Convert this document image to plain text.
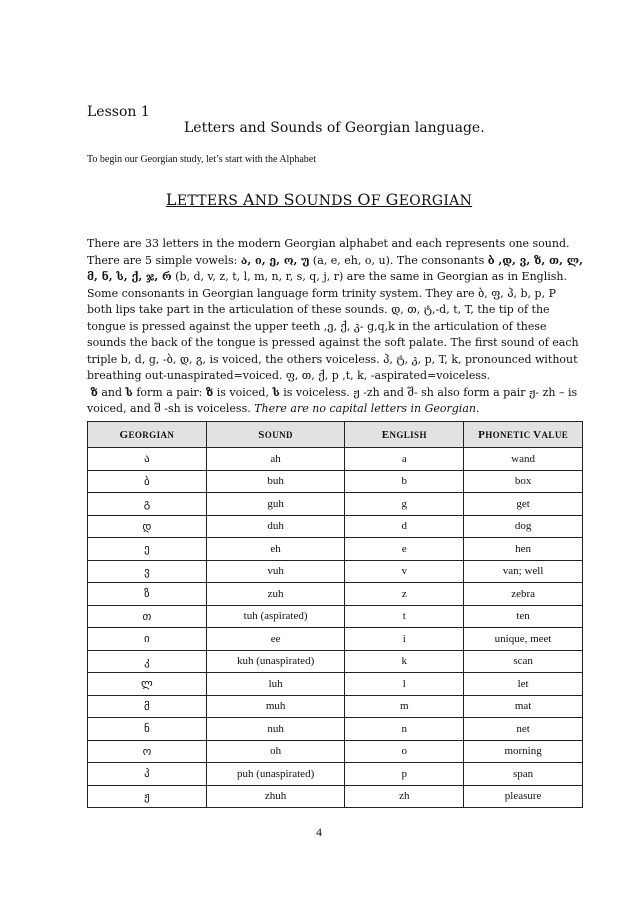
Lesson 1
Letters and Sounds of Georgian language.
To begin our Georgian study, let’s start with the Alphabet
LETTERS AND SOUNDS OF GEORGIAN
There are 33 letters in the modern Georgian alphabet and each represents one sound. There are 5 simple vowels: ა, ი, ე, ო, უ (a, e, eh, o, u). The consonants ბ ,დ, ვ, ზ, თ, ლ, მ, ნ, ს, ქ, ჯ, რ (b, d, v, z, t, l, m, n, r, s, q, j, r) are the same in Georgian as in English. Some consonants in Georgian language form trinity system. They are ბ, ფ, პ, b, p, P both lips take part in the articulation of these sounds. დ, თ, ტ,-d, t, T, the tip of the tongue is pressed against the upper teeth ,ე, ქ, კ- g,q,k in the articulation of these sounds the back of the tongue is pressed against the soft palate. The first sound of each triple b, d, g, -ბ, დ, გ, is voiced, the others voiceless. პ, ტ, კ, p, T, k, pronounced without breathing out-unaspirated=voiced. ფ, თ, ქ, p ,t, k, -aspirated=voiceless.
ზ and ს form a pair: ზ is voiced, ს is voiceless. ჟ -zh and შ- sh also form a pair ჟ- zh – is voiced, and შ -sh is voiceless. There are no capital letters in Georgian.
GEORGIAN	SOUND	ENGLISH	PHONETIC VALUE
ა	ah	a	wand
ბ	buh	b	box
გ	guh	g	get
დ	duh	d	dog
ე	eh	e	hen
ვ	vuh	v	van; well
ზ	zuh	z	zebra
თ	tuh (aspirated)	t	ten
ი	ee	i	unique, meet
კ	kuh (unaspirated)	k	scan
ლ	luh	l	let
მ	muh	m	mat
ნ	nuh	n	net
ო	oh	o	morning
პ	puh (unaspirated)	p	span
ჟ	zhuh	zh	pleasure
4
